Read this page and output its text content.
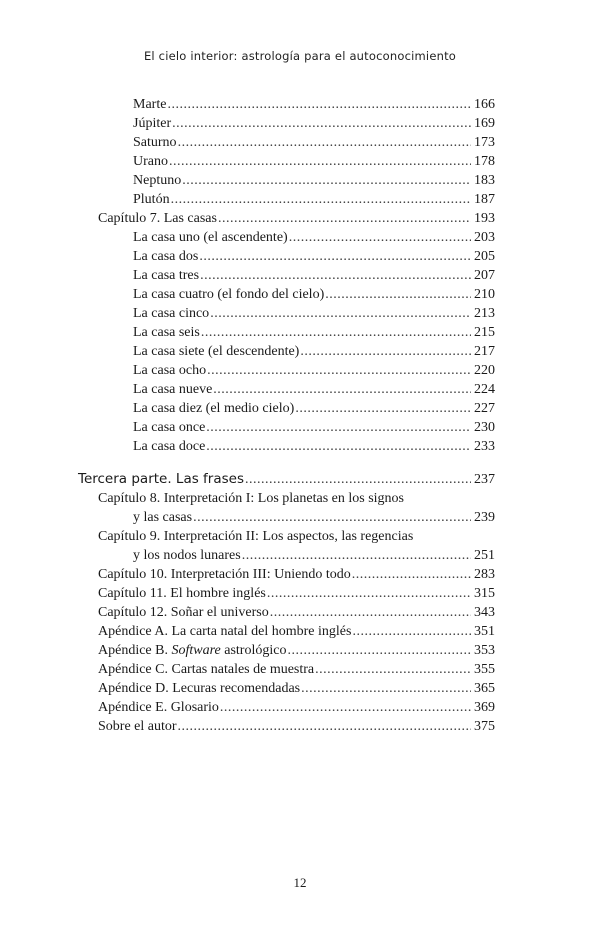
El cielo interior: astrología para el autoconocimiento
Marte .....	166
Júpiter .....	169
Saturno .....	173
Urano .....	178
Neptuno .....	183
Plutón .....	187
Capítulo 7. Las casas .....	193
La casa uno (el ascendente) .....	203
La casa dos .....	205
La casa tres .....	207
La casa cuatro (el fondo del cielo) .....	210
La casa cinco .....	213
La casa seis .....	215
La casa siete (el descendente) .....	217
La casa ocho .....	220
La casa nueve .....	224
La casa diez (el medio cielo) .....	227
La casa once .....	230
La casa doce .....	233
Tercera parte. Las frases .....	237
Capítulo 8. Interpretación I: Los planetas en los signos
y las casas .....	239
Capítulo 9. Interpretación II: Los aspectos, las regencias
y los nodos lunares .....	251
Capítulo 10. Interpretación III: Uniendo todo .....	283
Capítulo 11. El hombre inglés .....	315
Capítulo 12. Soñar el universo .....	343
Apéndice A. La carta natal del hombre inglés .....	351
Apéndice B. Software astrológico .....	353
Apéndice C. Cartas natales de muestra .....	355
Apéndice D. Lecuras recomendadas .....	365
Apéndice E. Glosario .....	369
Sobre el autor .....	375
12
